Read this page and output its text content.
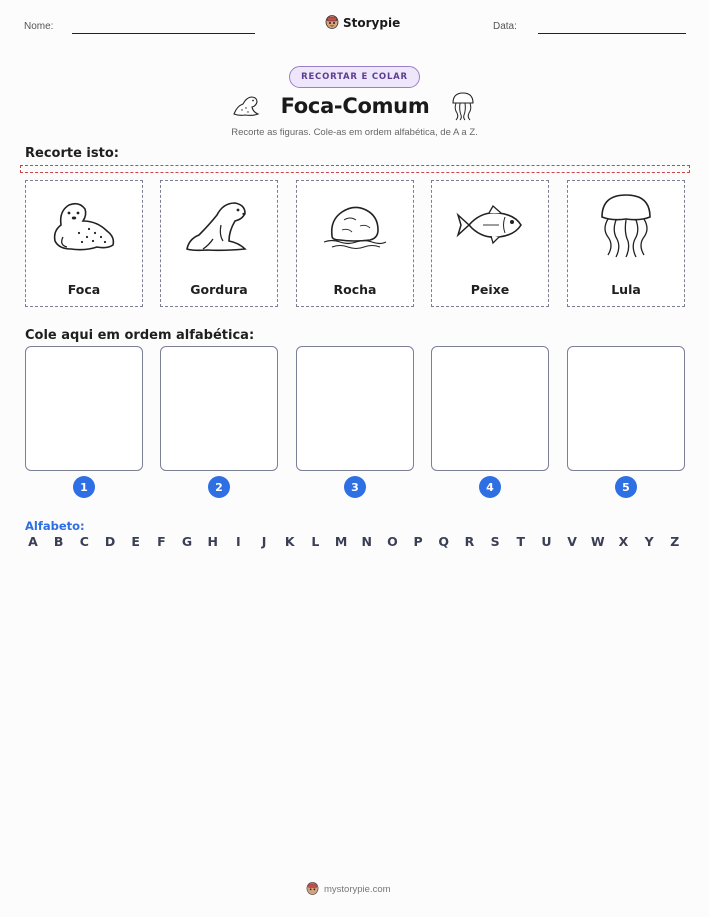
Nome:	Storypie	Data:
RECORTAR E COLAR
Foca-Comum
Recorte as figuras. Cole-as em ordem alfabética, de A a Z.
Recorte isto:
Foca	Gordura	Rocha	Peixe	Lula
Cole aqui em ordem alfabética:
1	2	3	4	5
Alfabeto:
A B C D E F G H	I	J	K L M N O P Q R S T U V W X Y Z
mystorypie.com
